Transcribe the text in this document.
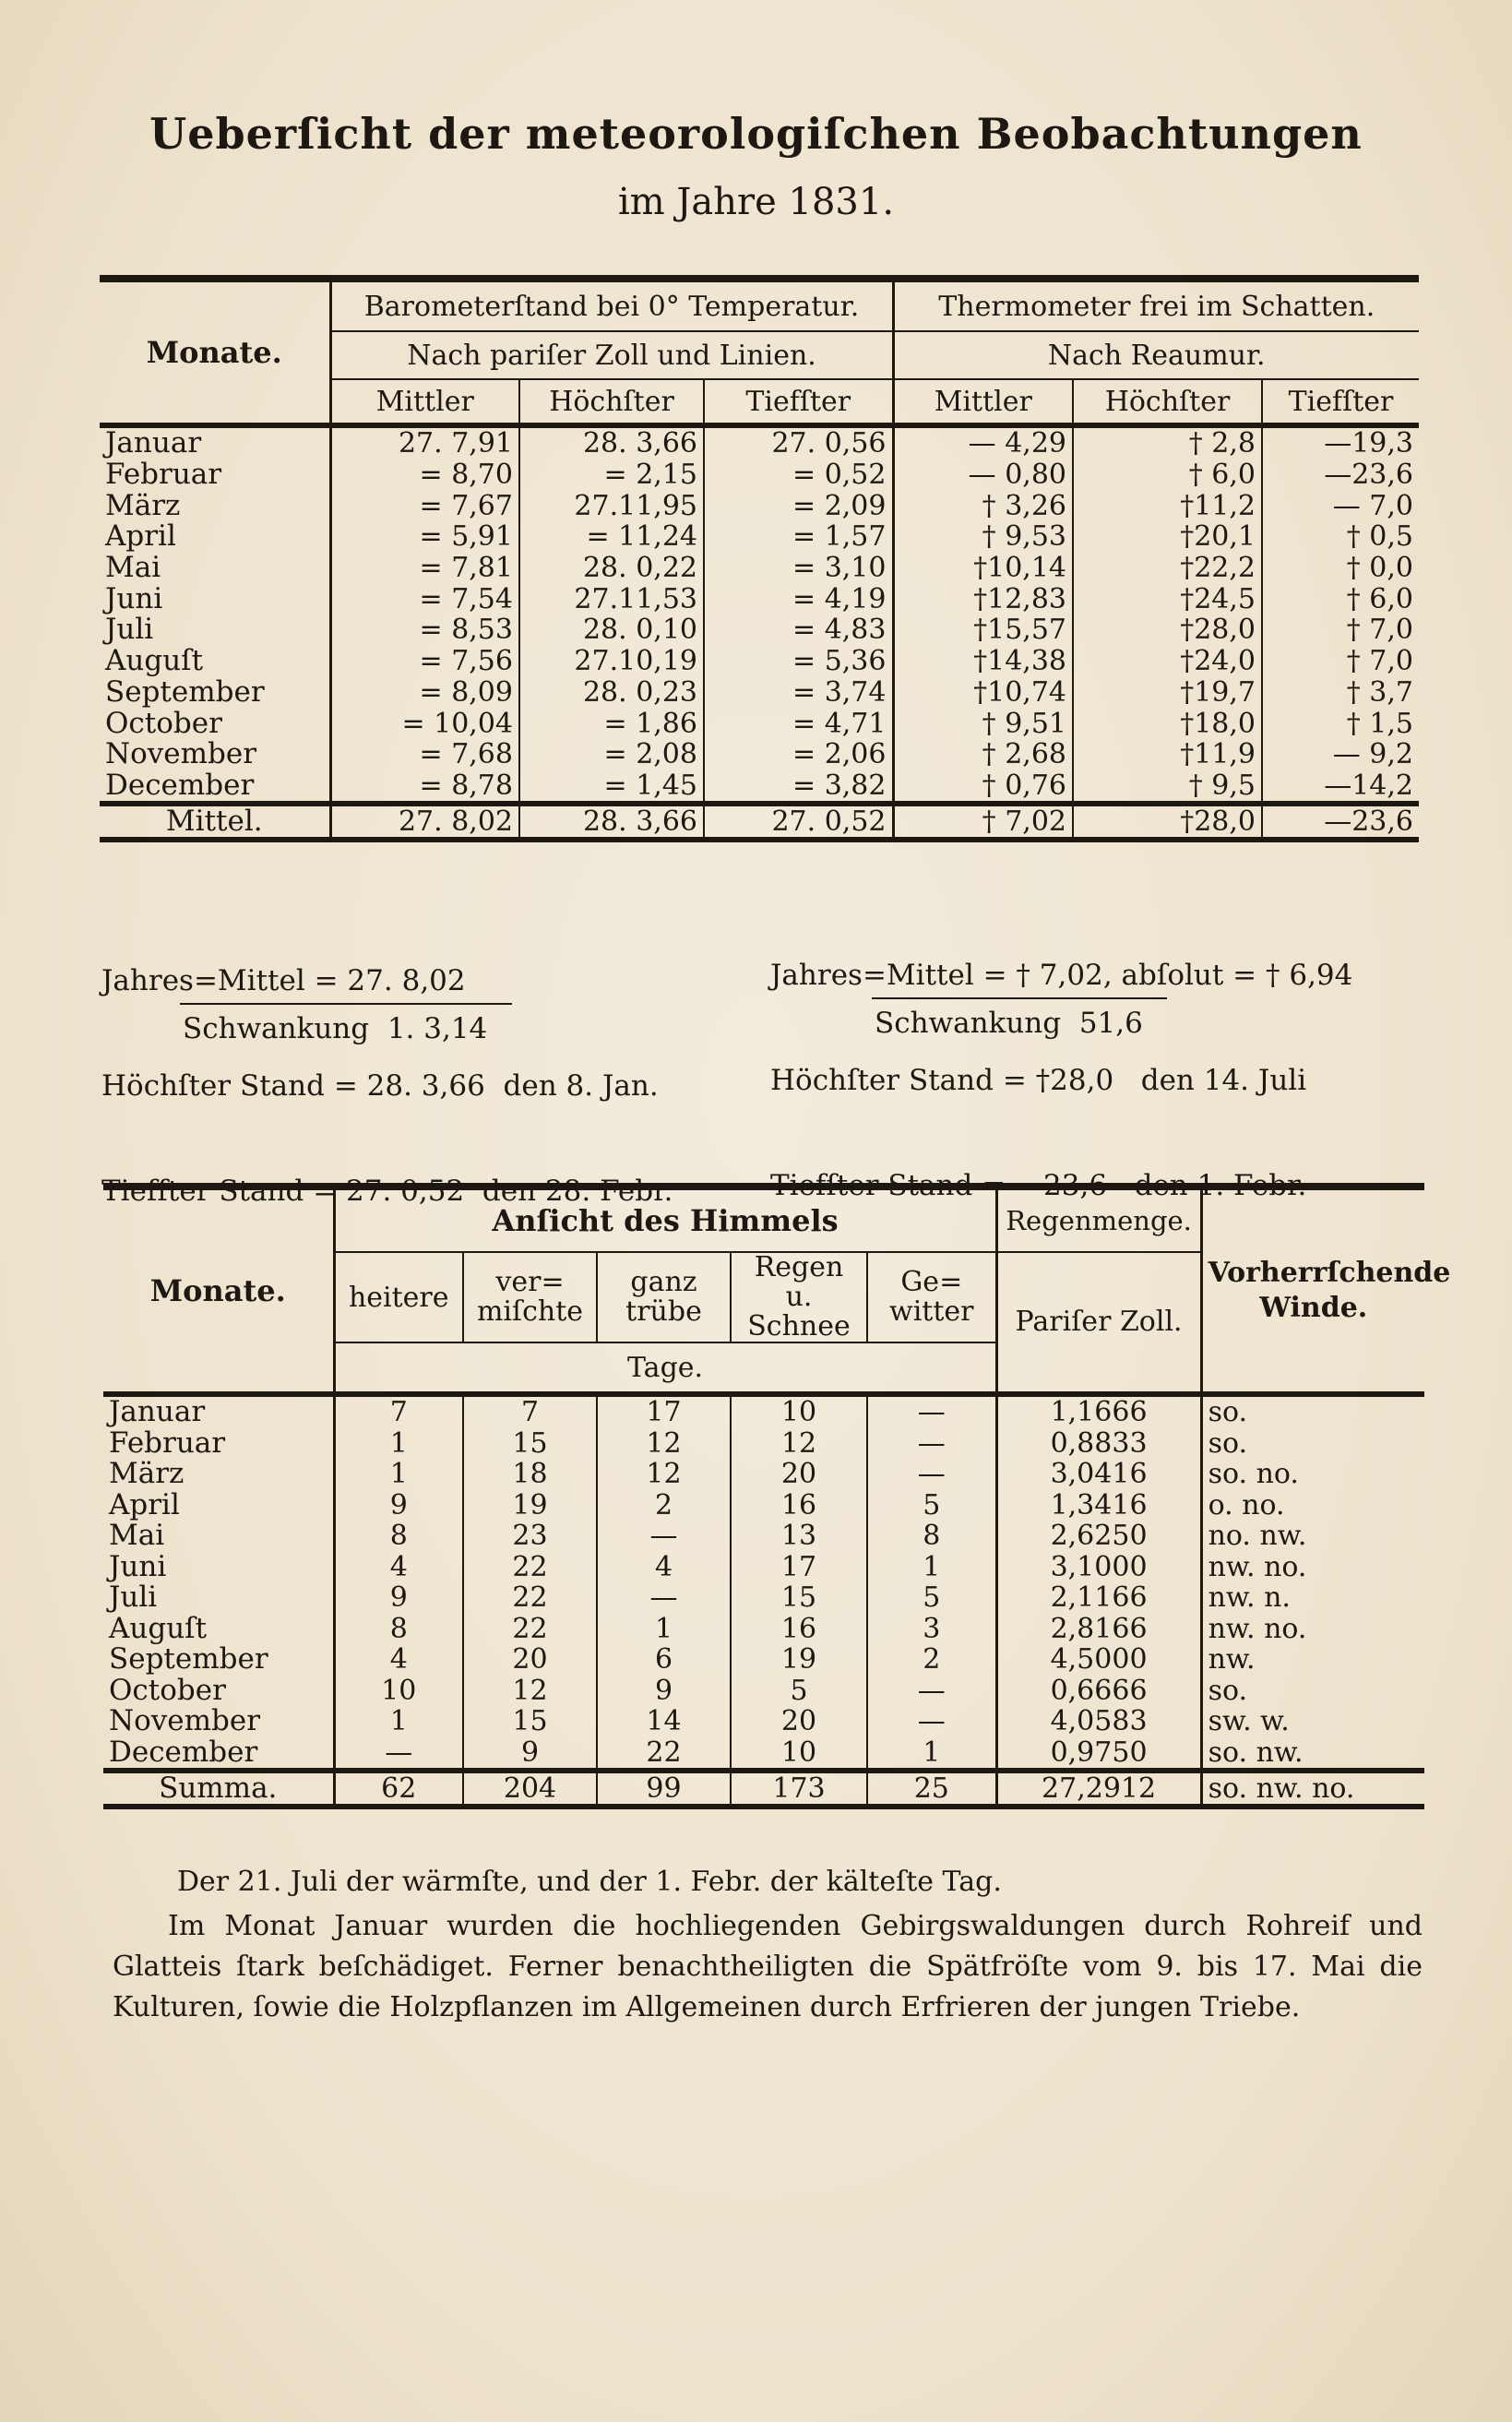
Ueberſicht der meteorologiſchen Beobachtungen
im Jahre 1831.
Monate.	Barometerſtand bei 0° Temperatur.			Thermometer frei im Schatten.		
	Nach pariſer Zoll und Linien.			Nach Reaumur.		
	Mittler	Höchſter	Tiefſter	Mittler	Höchſter	Tiefſter
Januar	27. 7,91	28. 3,66	27. 0,56	— 4,29	† 2,8	—19,3
Februar	= 8,70	= 2,15	= 0,52	— 0,80	† 6,0	—23,6
März	= 7,67	27.11,95	= 2,09	† 3,26	†11,2	— 7,0
April	= 5,91	= 11,24	= 1,57	† 9,53	†20,1	† 0,5
Mai	= 7,81	28. 0,22	= 3,10	†10,14	†22,2	† 0,0
Juni	= 7,54	27.11,53	= 4,19	†12,83	†24,5	† 6,0
Juli	= 8,53	28. 0,10	= 4,83	†15,57	†28,0	† 7,0
Auguſt	= 7,56	27.10,19	= 5,36	†14,38	†24,0	† 7,0
September	= 8,09	28. 0,23	= 3,74	†10,74	†19,7	† 3,7
October	= 10,04	= 1,86	= 4,71	† 9,51	†18,0	† 1,5
November	= 7,68	= 2,08	= 2,06	† 2,68	†11,9	— 9,2
December	= 8,78	= 1,45	= 3,82	† 0,76	† 9,5	—14,2
Mittel.	27. 8,02	28. 3,66	27. 0,52	† 7,02	†28,0	—23,6

Jahres=Mittel = 27. 8,02

Höchſter Stand = 28. 3,66  den 8. Jan.

Tiefſter Stand = 27. 0,52  den 28. Febr.

Schwankung  1. 3,14

Jahres=Mittel = † 7,02, abſolut = † 6,94

Höchſter Stand = †28,0   den 14. Juli

Tiefſter Stand = —23,6   den 1. Febr.

Schwankung  51,6
Monate.	Anſicht des Himmels					Regenmenge.	Vorherrſchende Winde.
	heitere	ver= miſchte	ganz trübe	Regen u. Schnee	Ge= witter	Pariſer Zoll.	
	Tage.						
Januar	7	7	17	10	—	1,1666	so.
Februar	1	15	12	12	—	0,8833	so.
März	1	18	12	20	—	3,0416	so. no.
April	9	19	2	16	5	1,3416	o. no.
Mai	8	23	—	13	8	2,6250	no. nw.
Juni	4	22	4	17	1	3,1000	nw. no.
Juli	9	22	—	15	5	2,1166	nw. n.
Auguſt	8	22	1	16	3	2,8166	nw. no.
September	4	20	6	19	2	4,5000	nw.
October	10	12	9	5	—	0,6666	so.
November	1	15	14	20	—	4,0583	sw. w.
December	—	9	22	10	1	0,9750	so. nw.
Summa.	62	204	99	173	25	27,2912	so. nw. no.

Der 21. Juli der wärmſte, und der 1. Febr. der kälteſte Tag.

Im Monat Januar wurden die hochliegenden Gebirgswaldungen durch Rohreif und Glatteis ſtark beſchädiget. Ferner benachtheiligten die Spätfröſte vom 9. bis 17. Mai die Kulturen, ſowie die Holzpflanzen im Allgemeinen durch Erfrieren der jungen Triebe.
